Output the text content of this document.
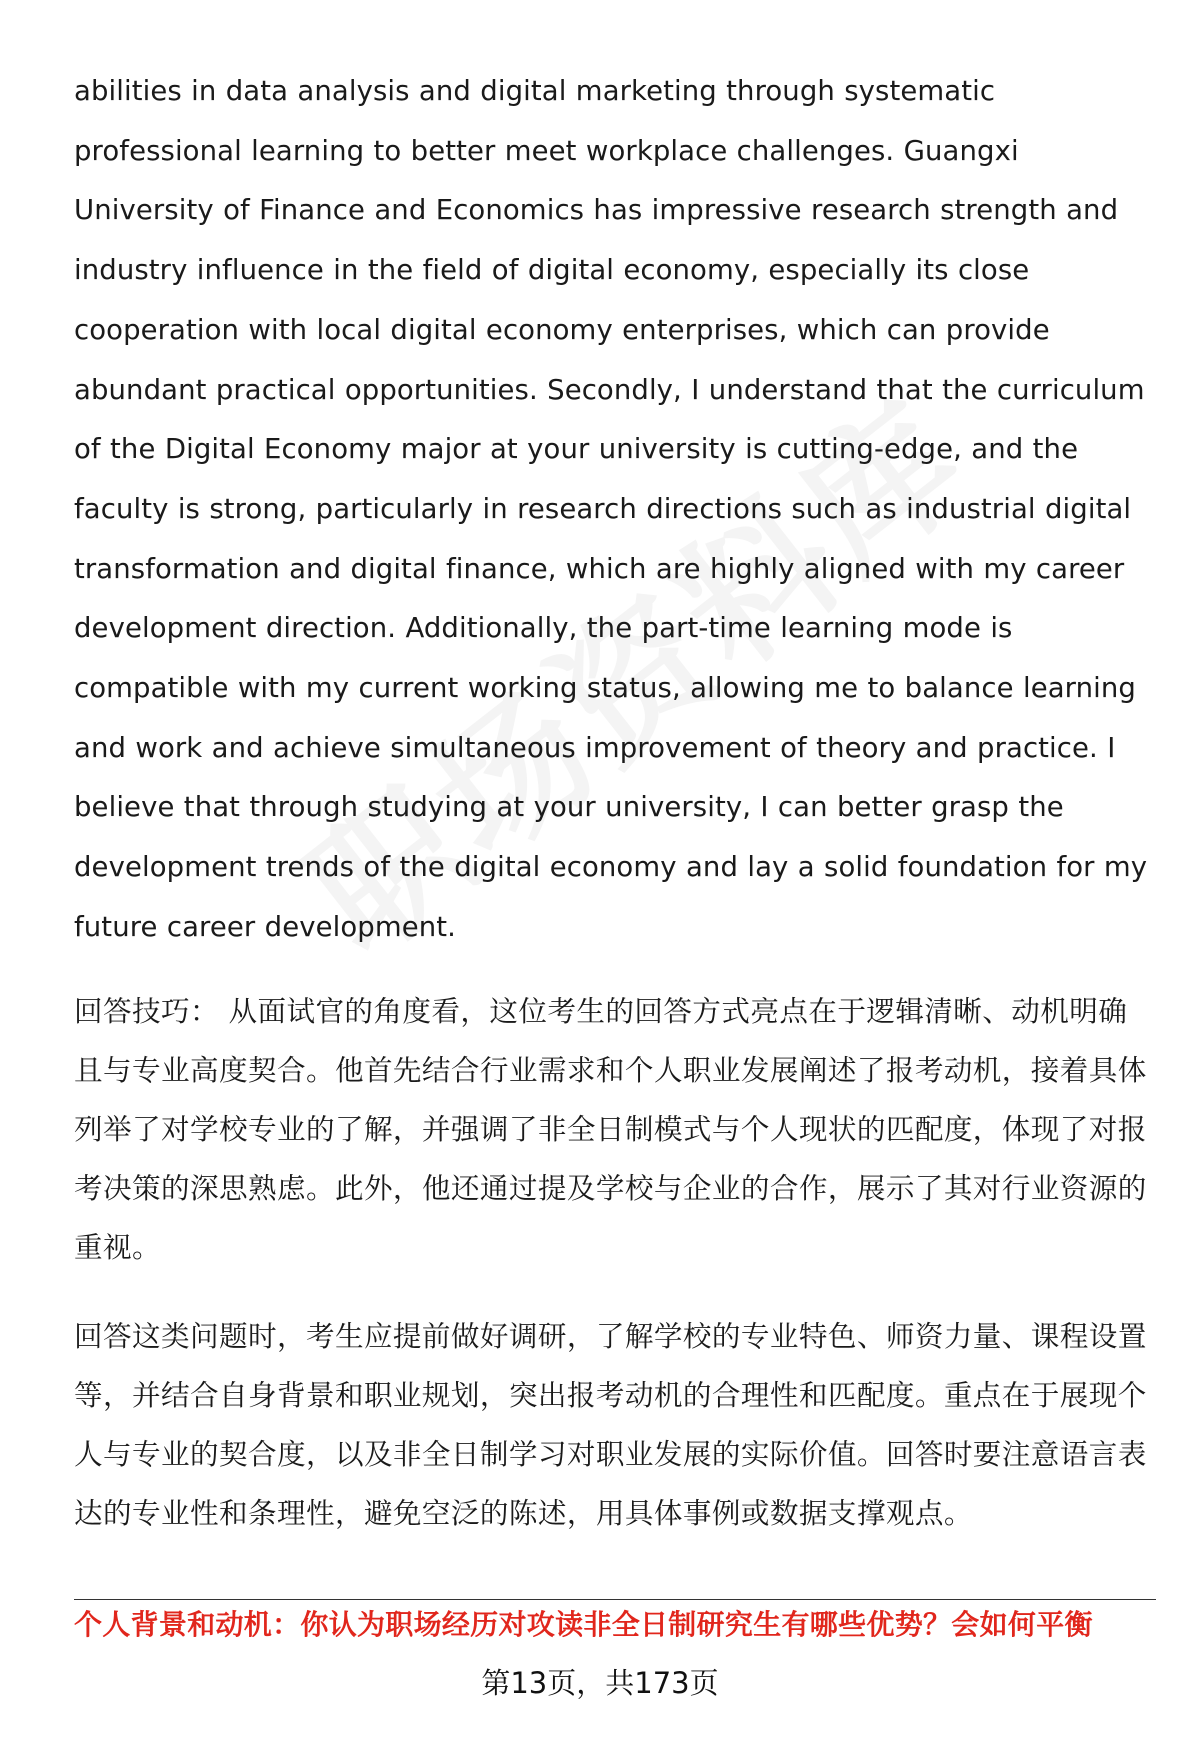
abilities in data analysis and digital marketing through systematic professional learning to better meet workplace challenges. Guangxi University of Finance and Economics has impressive research strength and industry influence in the field of digital economy, especially its close cooperation with local digital economy enterprises, which can provide abundant practical opportunities. Secondly, I understand that the curriculum of the Digital Economy major at your university is cutting-edge, and the faculty is strong, particularly in research directions such as industrial digital transformation and digital finance, which are highly aligned with my career development direction. Additionally, the part-time learning mode is compatible with my current working status, allowing me to balance learning and work and achieve simultaneous improvement of theory and practice. I believe that through studying at your university, I can better grasp the development trends of the digital economy and lay a solid foundation for my future career development.

回答技巧： 从面试官的角度看，这位考生的回答方式亮点在于逻辑清晰、动机明确且与专业高度契合。他首先结合行业需求和个人职业发展阐述了报考动机，接着具体列举了对学校专业的了解，并强调了非全日制模式与个人现状的匹配度，体现了对报考决策的深思熟虑。此外，他还通过提及学校与企业的合作，展示了其对行业资源的重视。

回答这类问题时，考生应提前做好调研，了解学校的专业特色、师资力量、课程设置等，并结合自身背景和职业规划，突出报考动机的合理性和匹配度。重点在于展现个人与专业的契合度，以及非全日制学习对职业发展的实际价值。回答时要注意语言表达的专业性和条理性，避免空泛的陈述，用具体事例或数据支撑观点。

个人背景和动机：你认为职场经历对攻读非全日制研究生有哪些优势？会如何平衡
第13页，共173页
